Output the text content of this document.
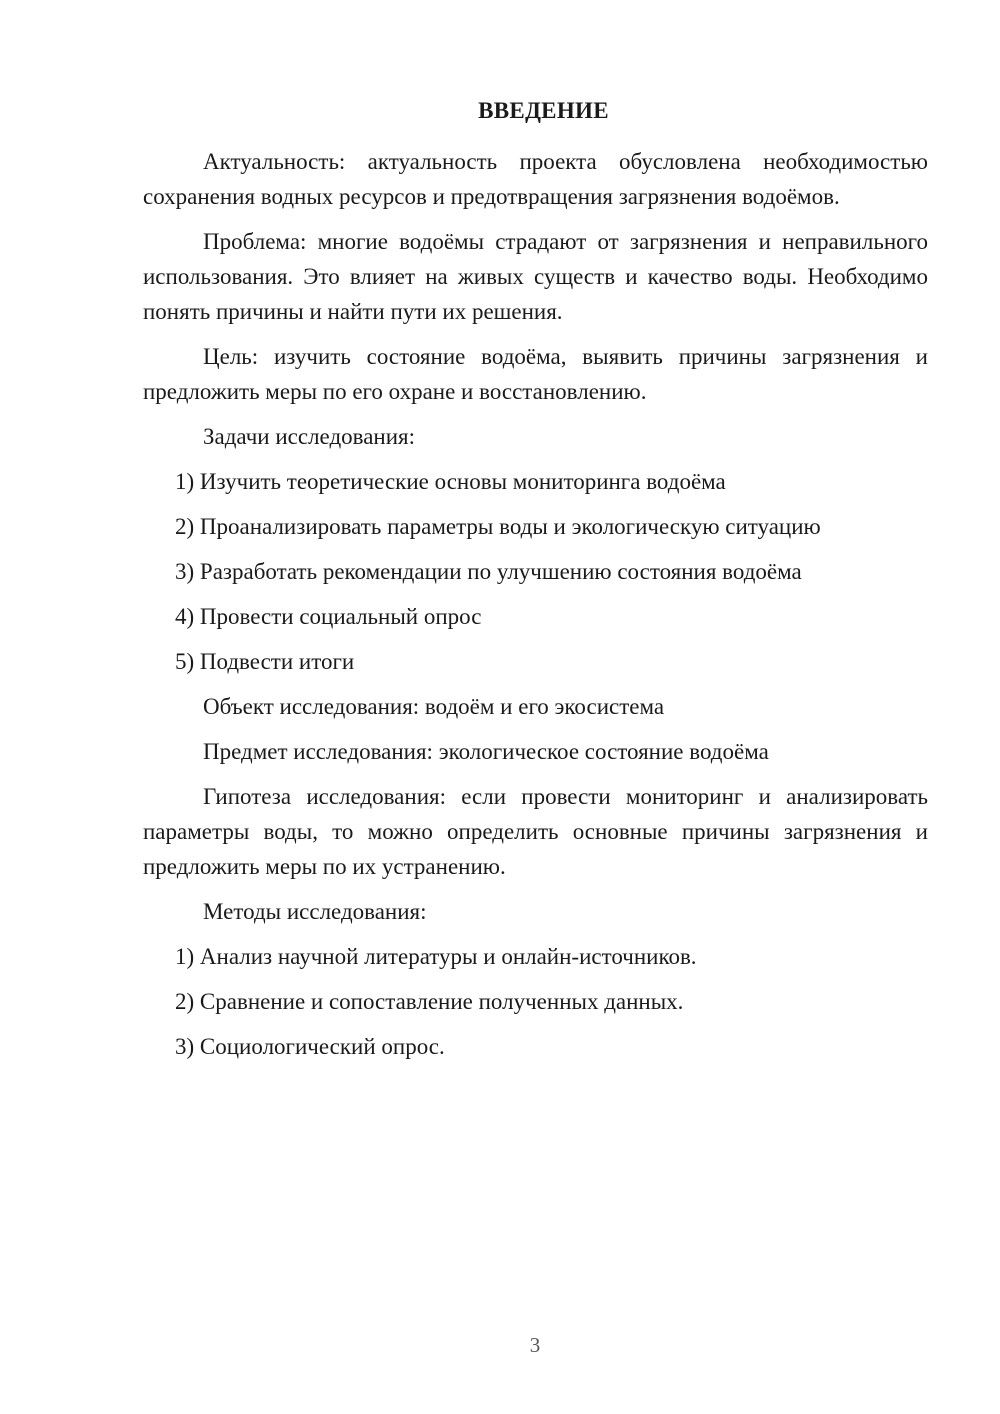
ВВЕДЕНИЕ

Актуальность: актуальность проекта обусловлена необходимостью сохранения водных ресурсов и предотвращения загрязнения водоёмов.

Проблема: многие водоёмы страдают от загрязнения и неправильного использования. Это влияет на живых существ и качество воды. Необходимо понять причины и найти пути их решения.

Цель: изучить состояние водоёма, выявить причины загрязнения и предложить меры по его охране и восстановлению.

Задачи исследования:

1) Изучить теоретические основы мониторинга водоёма
2) Проанализировать параметры воды и экологическую ситуацию
3) Разработать рекомендации по улучшению состояния водоёма
4) Провести социальный опрос
5) Подвести итоги

Объект исследования: водоём и его экосистема

Предмет исследования: экологическое состояние водоёма

Гипотеза исследования: если провести мониторинг и анализировать параметры воды, то можно определить основные причины загрязнения и предложить меры по их устранению.

Методы исследования:

1) Анализ научной литературы и онлайн-источников.
2) Сравнение и сопоставление полученных данных.
3) Социологический опрос.
3
